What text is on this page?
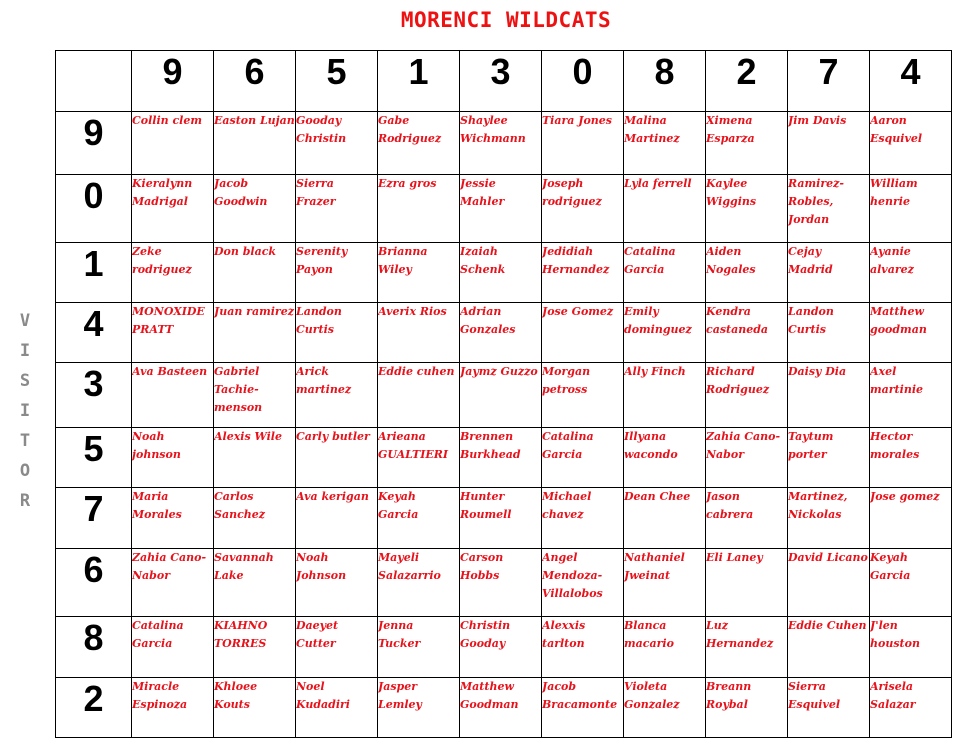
MORENCI WILDCATS
V
I
S
I
T
O
R
	9	6	5	1	3	0	8	2	7	4
9	Collin clem	Easton Lujan	Gooday Christin	Gabe Rodriguez	Shaylee Wichmann	Tiara Jones	Malina Martinez	Ximena Esparza	Jim Davis	Aaron Esquivel
0	Kieralynn Madrigal	Jacob Goodwin	Sierra Frazer	Ezra gros	Jessie Mahler	Joseph rodriguez	Lyla ferrell	Kaylee Wiggins	Ramirez-Robles, Jordan	William henrie
1	Zeke rodriguez	Don black	Serenity Payon	Brianna Wiley	Izaiah Schenk	Jedidiah Hernandez	Catalina Garcia	Aiden Nogales	Cejay Madrid	Ayanie alvarez
4	MONOXIDE PRATT	Juan ramirez	Landon Curtis	Averix Rios	Adrian Gonzales	Jose Gomez	Emily dominguez	Kendra castaneda	Landon Curtis	Matthew goodman
3	Ava Basteen	Gabriel Tachie-menson	Arick martinez	Eddie cuhen	Jaymz Guzzo	Morgan petross	Ally Finch	Richard Rodriguez	Daisy Dia	Axel martinie
5	Noah johnson	Alexis Wile	Carly butler	Arieana GUALTIERI	Brennen Burkhead	Catalina Garcia	Illyana wacondo	Zahia Cano-Nabor	Taytum porter	Hector morales
7	Maria Morales	Carlos Sanchez	Ava kerigan	Keyah Garcia	Hunter Roumell	Michael chavez	Dean Chee	Jason cabrera	Martinez, Nickolas	Jose gomez
6	Zahia Cano-Nabor	Savannah Lake	Noah Johnson	Mayeli Salazarrio	Carson Hobbs	Angel Mendoza-Villalobos	Nathaniel Jweinat	Eli Laney	David Licano	Keyah Garcia
8	Catalina Garcia	KIAHNO TORRES	Daeyet Cutter	Jenna Tucker	Christin Gooday	Alexxis tarlton	Blanca macario	Luz Hernandez	Eddie Cuhen	J'len houston
2	Miracle Espinoza	Khloee Kouts	Noel Kudadiri	Jasper Lemley	Matthew Goodman	Jacob Bracamonte	Violeta Gonzalez	Breann Roybal	Sierra Esquivel	Arisela Salazar
